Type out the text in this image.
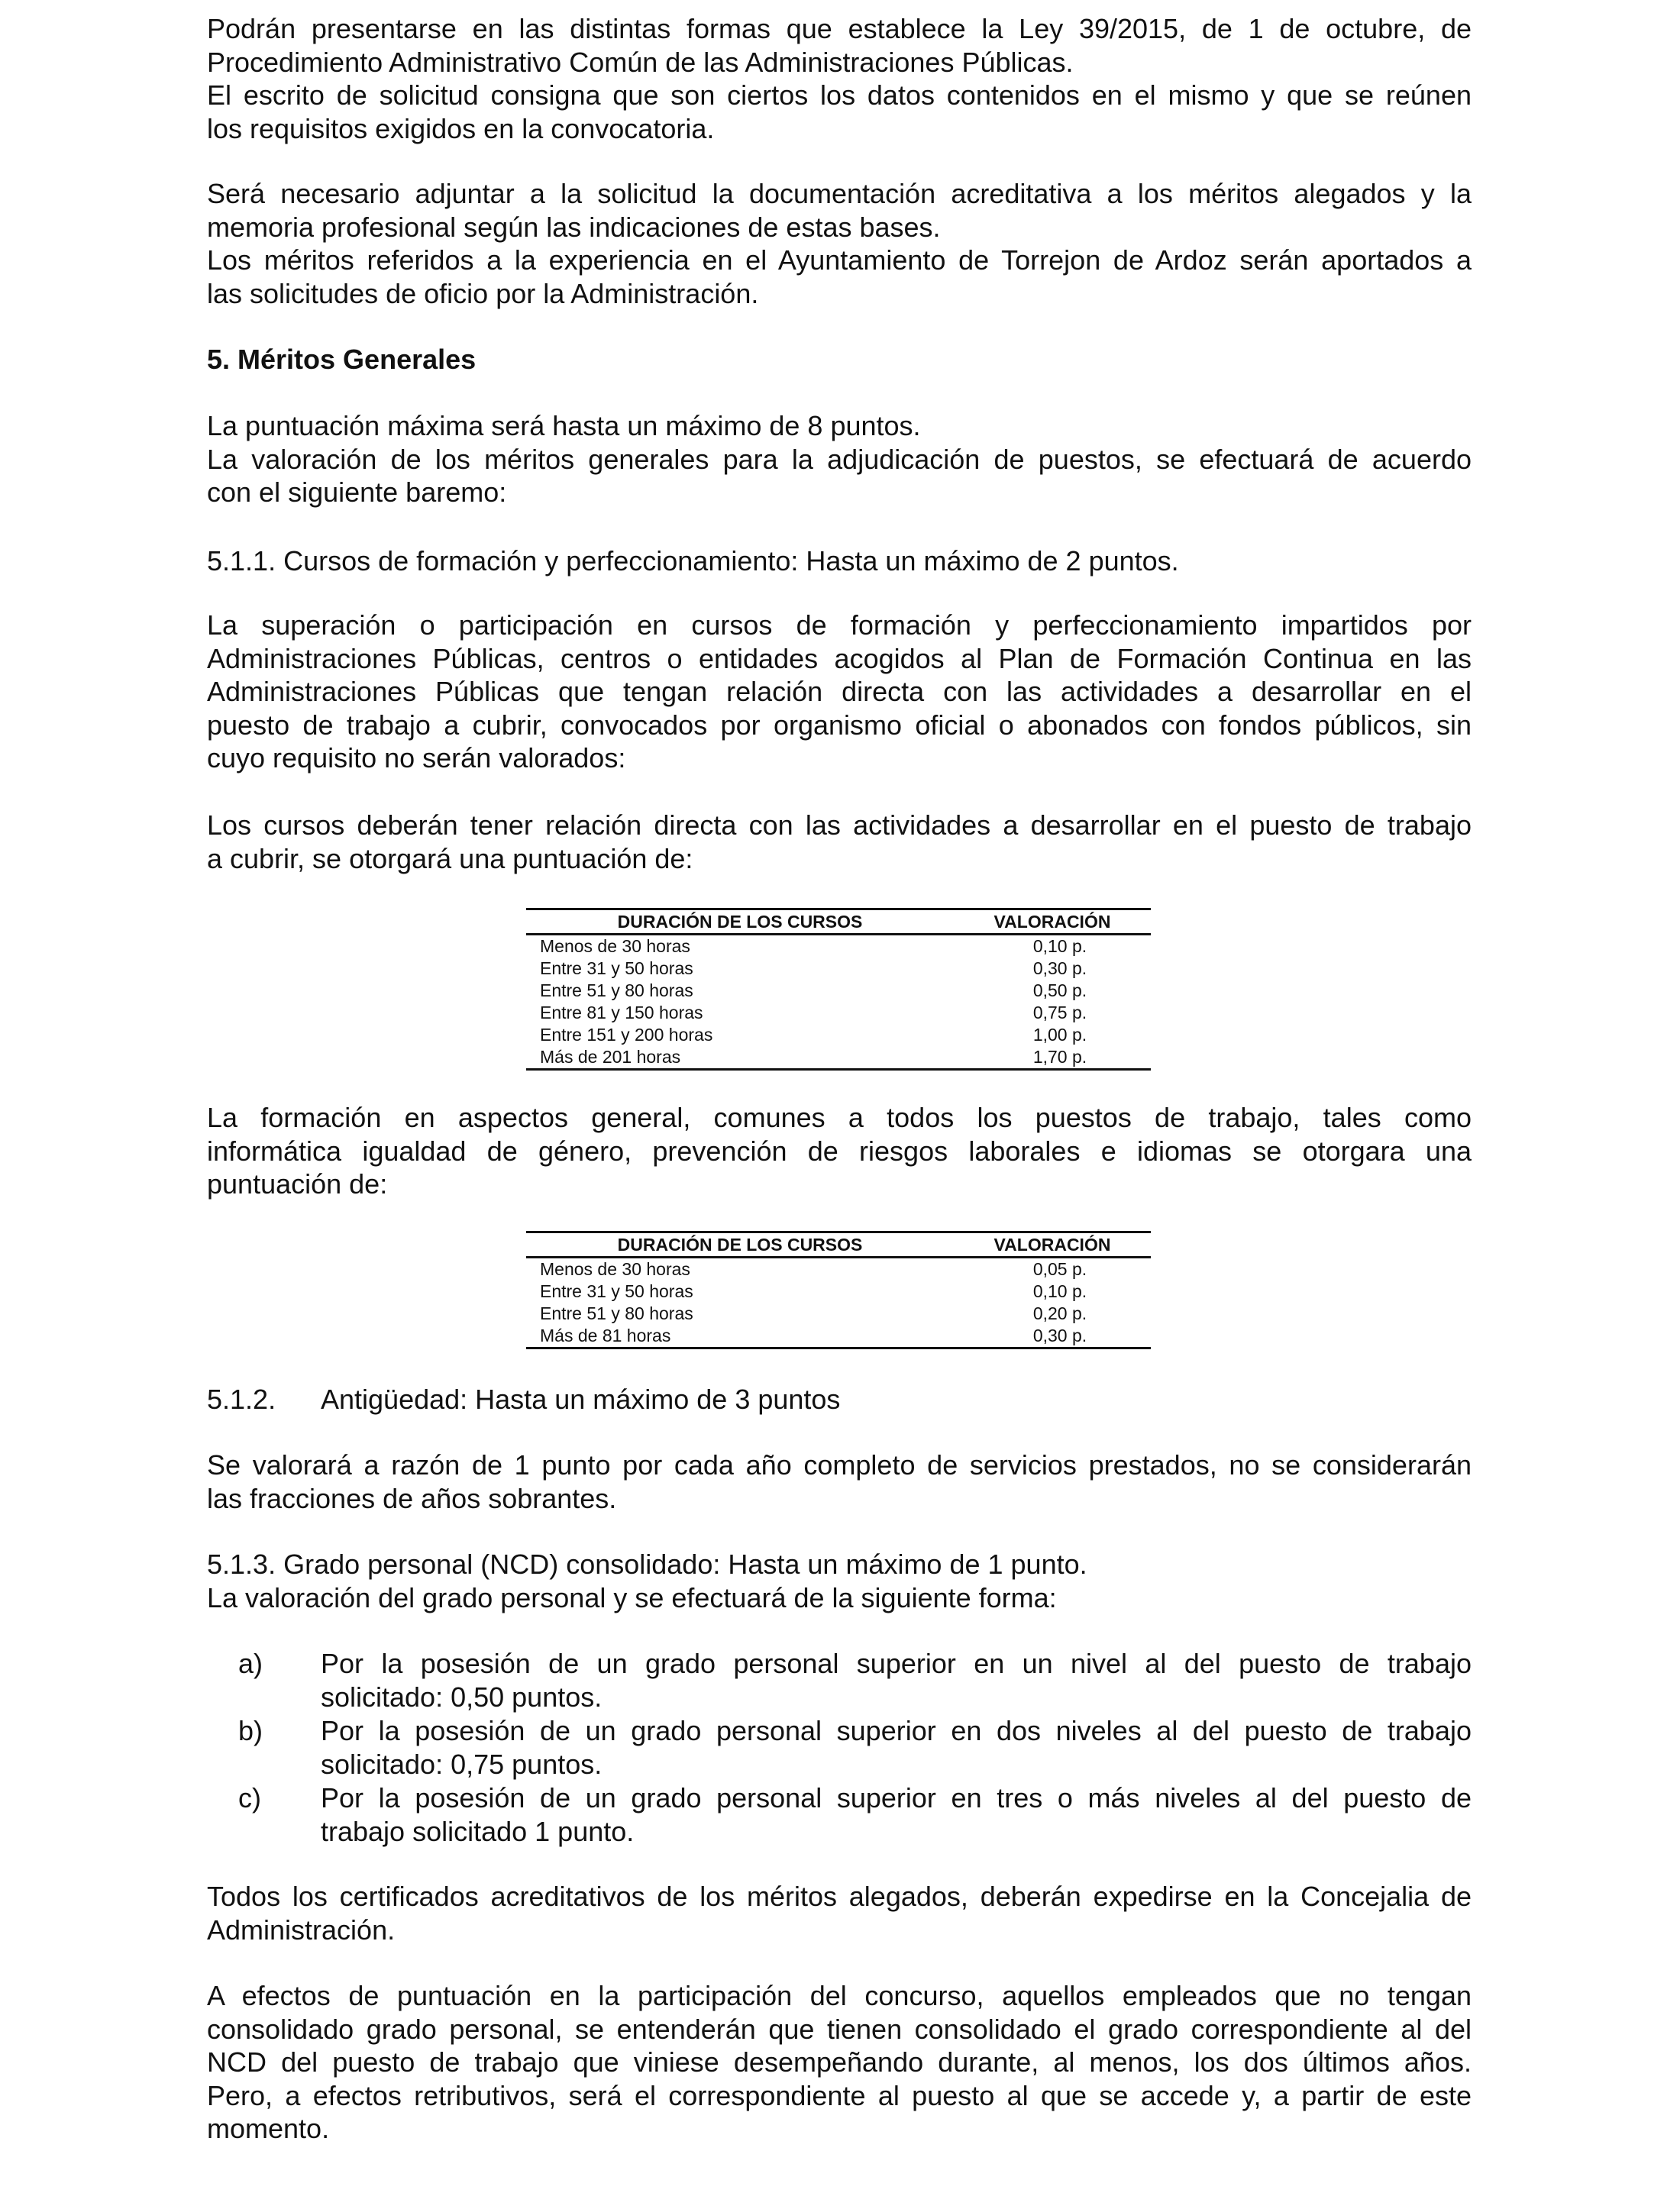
Podrán presentarse en las distintas formas que establece la Ley 39/2015, de 1 de octubre, de
Procedimiento Administrativo Común de las Administraciones Públicas.
El escrito de solicitud consigna que son ciertos los datos contenidos en el mismo y que se reúnen
los requisitos exigidos en la convocatoria.
Será necesario adjuntar a la solicitud la documentación acreditativa a los méritos alegados y la
memoria profesional según las indicaciones de estas bases.
Los méritos referidos a la experiencia en el Ayuntamiento de Torrejon de Ardoz serán aportados a
las solicitudes de oficio por la Administración.
5. Méritos Generales
La puntuación máxima será hasta un máximo de 8 puntos.
La valoración de los méritos generales para la adjudicación de puestos, se efectuará de acuerdo
con el siguiente baremo:
5.1.1. Cursos de formación y perfeccionamiento: Hasta un máximo de 2 puntos.
La superación o participación en cursos de formación y perfeccionamiento impartidos por
Administraciones Públicas, centros o entidades acogidos al Plan de Formación Continua en las
Administraciones Públicas que tengan relación directa con las actividades a desarrollar en el
puesto de trabajo a cubrir, convocados por organismo oficial o abonados con fondos públicos, sin
cuyo requisito no serán valorados:
Los cursos deberán tener relación directa con las actividades a desarrollar en el puesto de trabajo
a cubrir, se otorgará una puntuación de:
DURACIÓN DE LOS CURSOS	VALORACIÓN
Menos de 30 horas	0,10 p.
Entre 31 y 50 horas	0,30 p.
Entre 51 y 80 horas	0,50 p.
Entre 81 y 150 horas	0,75 p.
Entre 151 y 200 horas	1,00 p.
Más de 201 horas	1,70 p.
La formación en aspectos general, comunes a todos los puestos de trabajo, tales como
informática igualdad de género, prevención de riesgos laborales e idiomas se otorgara una
puntuación de:
DURACIÓN DE LOS CURSOS	VALORACIÓN
Menos de 30 horas	0,05 p.
Entre 31 y 50 horas	0,10 p.
Entre 51 y 80 horas	0,20 p.
Más de 81 horas	0,30 p.
5.1.2. Antigüedad: Hasta un máximo de 3 puntos
Se valorará a razón de 1 punto por cada año completo de servicios prestados, no se considerarán
las fracciones de años sobrantes.
5.1.3. Grado personal (NCD) consolidado: Hasta un máximo de 1 punto.
La valoración del grado personal y se efectuará de la siguiente forma:
a)	Por la posesión de un grado personal superior en un nivel al del puesto de trabajo
solicitado: 0,50 puntos.
b)	Por la posesión de un grado personal superior en dos niveles al del puesto de trabajo
solicitado: 0,75 puntos.
c)	Por la posesión de un grado personal superior en tres o más niveles al del puesto de
trabajo solicitado 1 punto.
Todos los certificados acreditativos de los méritos alegados, deberán expedirse en la Concejalia de
Administración.
A efectos de puntuación en la participación del concurso, aquellos empleados que no tengan
consolidado grado personal, se entenderán que tienen consolidado el grado correspondiente al del
NCD del puesto de trabajo que viniese desempeñando durante, al menos, los dos últimos años.
Pero, a efectos retributivos, será el correspondiente al puesto al que se accede y, a partir de este
momento.
